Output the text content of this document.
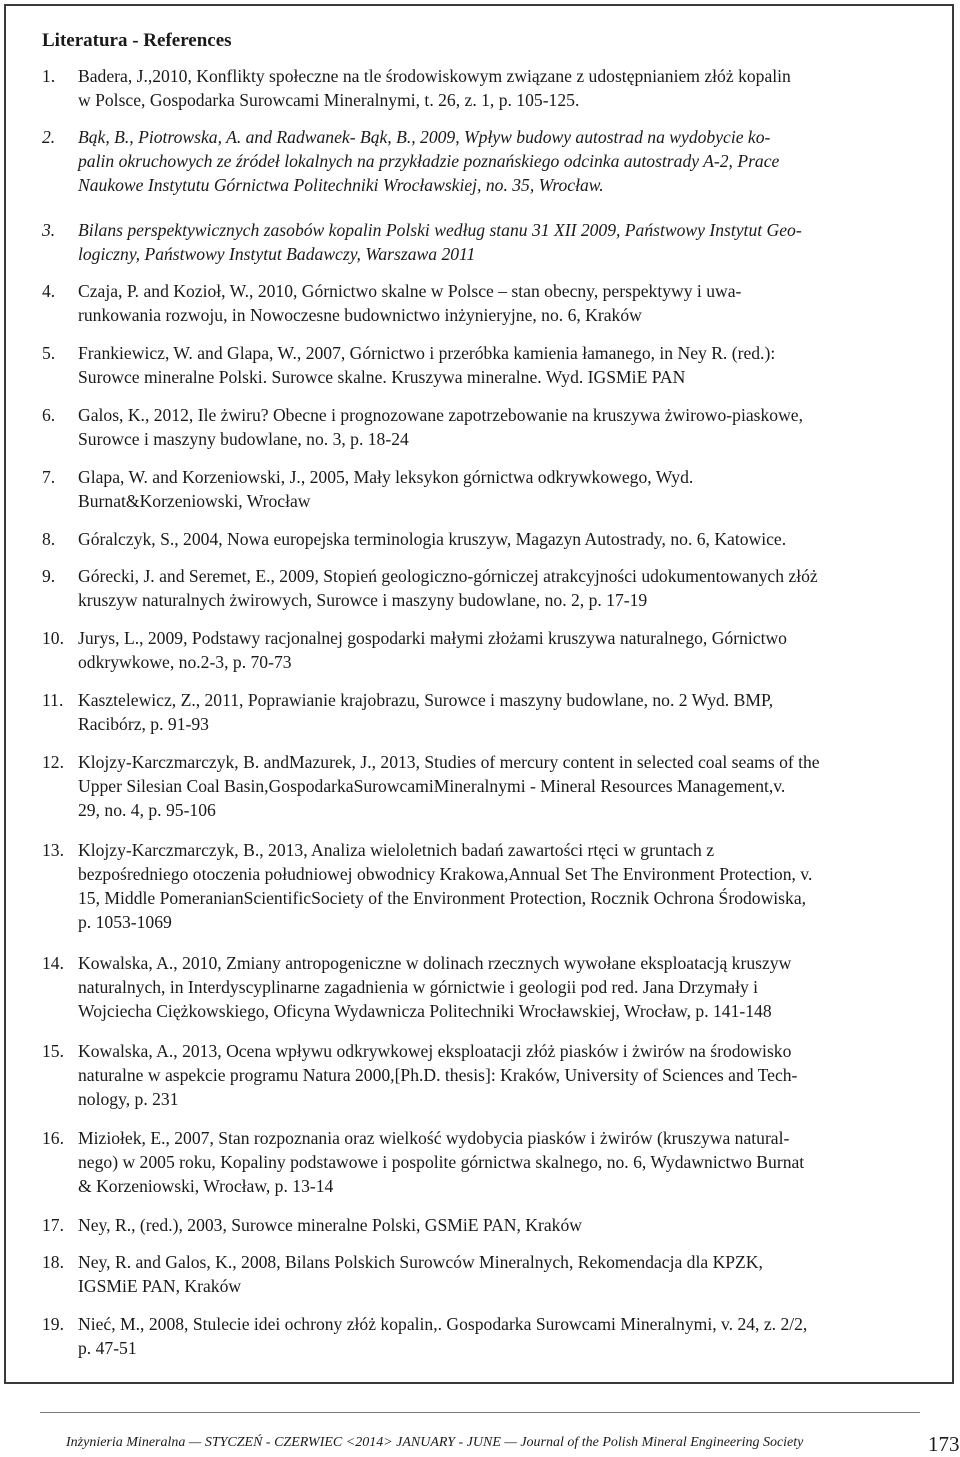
Literatura - References
1.	Badera, J.,2010, Konflikty społeczne na tle środowiskowym związane z udostępnianiem złóż kopalin
w Polsce, Gospodarka Surowcami Mineralnymi, t. 26, z. 1, p. 105-125.
2.	Bąk, B., Piotrowska, A. and Radwanek- Bąk, B., 2009, Wpływ budowy autostrad na wydobycie ko-
palin okruchowych ze źródeł lokalnych na przykładzie poznańskiego odcinka autostrady A-2, Prace
Naukowe Instytutu Górnictwa Politechniki Wrocławskiej, no. 35, Wrocław.
3.	Bilans perspektywicznych zasobów kopalin Polski według stanu 31 XII 2009, Państwowy Instytut Geo-
logiczny, Państwowy Instytut Badawczy, Warszawa 2011
4.	Czaja, P. and Kozioł, W., 2010, Górnictwo skalne w Polsce – stan obecny, perspektywy i uwa-
runkowania rozwoju, in Nowoczesne budownictwo inżynieryjne, no. 6, Kraków
5.	Frankiewicz, W. and Glapa, W., 2007, Górnictwo i przeróbka kamienia łamanego, in Ney R. (red.):
Surowce mineralne Polski. Surowce skalne. Kruszywa mineralne. Wyd. IGSMiE PAN
6.	Galos, K., 2012, Ile żwiru? Obecne i prognozowane zapotrzebowanie na kruszywa żwirowo-piaskowe,
Surowce i maszyny budowlane, no. 3, p. 18-24
7.	Glapa, W. and Korzeniowski, J., 2005, Mały leksykon górnictwa odkrywkowego, Wyd.
Burnat&Korzeniowski, Wrocław
8.	Góralczyk, S., 2004, Nowa europejska terminologia kruszyw, Magazyn Autostrady, no. 6, Katowice.
9.	Górecki, J. and Seremet, E., 2009, Stopień geologiczno-górniczej atrakcyjności udokumentowanych złóż
kruszyw naturalnych żwirowych, Surowce i maszyny budowlane, no. 2, p. 17-19
10. Jurys, L., 2009, Podstawy racjonalnej gospodarki małymi złożami kruszywa naturalnego, Górnictwo
odkrywkowe, no.2-3, p. 70-73
11. Kasztelewicz, Z., 2011, Poprawianie krajobrazu, Surowce i maszyny budowlane, no. 2 Wyd. BMP,
Racibórz, p. 91-93
12. Klojzy-Karczmarczyk, B. andMazurek, J., 2013, Studies of mercury content in selected coal seams of the
Upper Silesian Coal Basin,GospodarkaSurowcamiMineralnymi - Mineral Resources Management,v.
29, no. 4, p. 95-106
13. Klojzy-Karczmarczyk, B., 2013, Analiza wieloletnich badań zawartości rtęci w gruntach z
bezpośredniego otoczenia południowej obwodnicy Krakowa,Annual Set The Environment Protection, v.
15, Middle PomeranianScientificSociety of the Environment Protection, Rocznik Ochrona Środowiska,
p. 1053-1069
14. Kowalska, A., 2010, Zmiany antropogeniczne w dolinach rzecznych wywołane eksploatacją kruszyw
naturalnych, in Interdyscyplinarne zagadnienia w górnictwie i geologii pod red. Jana Drzymały i
Wojciecha Ciężkowskiego, Oficyna Wydawnicza Politechniki Wrocławskiej, Wrocław, p. 141-148
15. Kowalska, A., 2013, Ocena wpływu odkrywkowej eksploatacji złóż piasków i żwirów na środowisko
naturalne w aspekcie programu Natura 2000,[Ph.D. thesis]: Kraków, University of Sciences and Tech-
nology, p. 231
16. Miziołek, E., 2007, Stan rozpoznania oraz wielkość wydobycia piasków i żwirów (kruszywa natural-
nego) w 2005 roku, Kopaliny podstawowe i pospolite górnictwa skalnego, no. 6, Wydawnictwo Burnat
& Korzeniowski, Wrocław, p. 13-14
17. Ney, R., (red.), 2003, Surowce mineralne Polski, GSMiE PAN, Kraków
18. Ney, R. and Galos, K., 2008, Bilans Polskich Surowców Mineralnych, Rekomendacja dla KPZK,
IGSMiE PAN, Kraków
19. Nieć, M., 2008, Stulecie idei ochrony złóż kopalin,. Gospodarka Surowcami Mineralnymi, v. 24, z. 2/2,
p. 47-51
Inżynieria Mineralna — STYCZEŃ - CZERWIEC <2014> JANUARY - JUNE — Journal of the Polish Mineral Engineering Society	173
